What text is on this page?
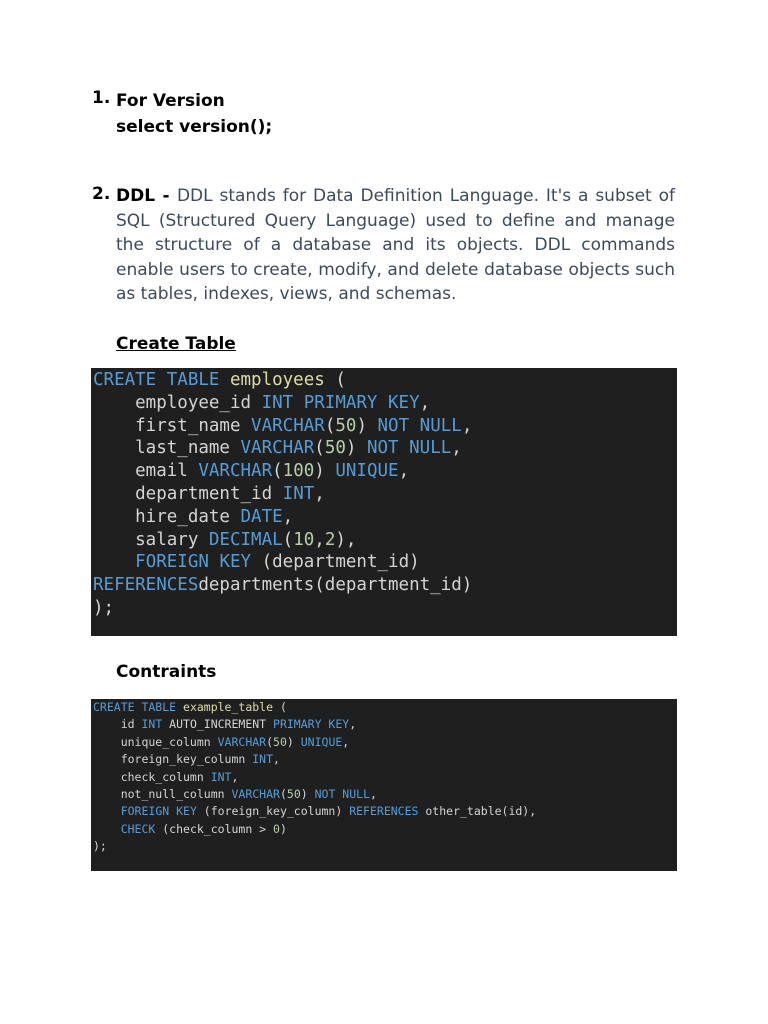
1. For Version
select version();
2. DDL - DDL stands for Data Definition Language. It's a subset of SQL (Structured Query Language) used to define and manage the structure of a database and its objects. DDL commands enable users to create, modify, and delete database objects such as tables, indexes, views, and schemas.
Create Table
CREATE TABLE employees (
employee_id INT PRIMARY KEY,
first_name VARCHAR(50) NOT NULL,
last_name VARCHAR(50) NOT NULL,
email VARCHAR(100) UNIQUE,
department_id INT,
hire_date DATE,
salary DECIMAL(10,2),
FOREIGN KEY (department_id)
REFERENCESdepartments(department_id)
);
Contraints
CREATE TABLE example_table (
id INT AUTO_INCREMENT PRIMARY KEY,
unique_column VARCHAR(50) UNIQUE,
foreign_key_column INT,
check_column INT,
not_null_column VARCHAR(50) NOT NULL,
FOREIGN KEY (foreign_key_column) REFERENCES other_table(id),
CHECK (check_column > 0)
);
